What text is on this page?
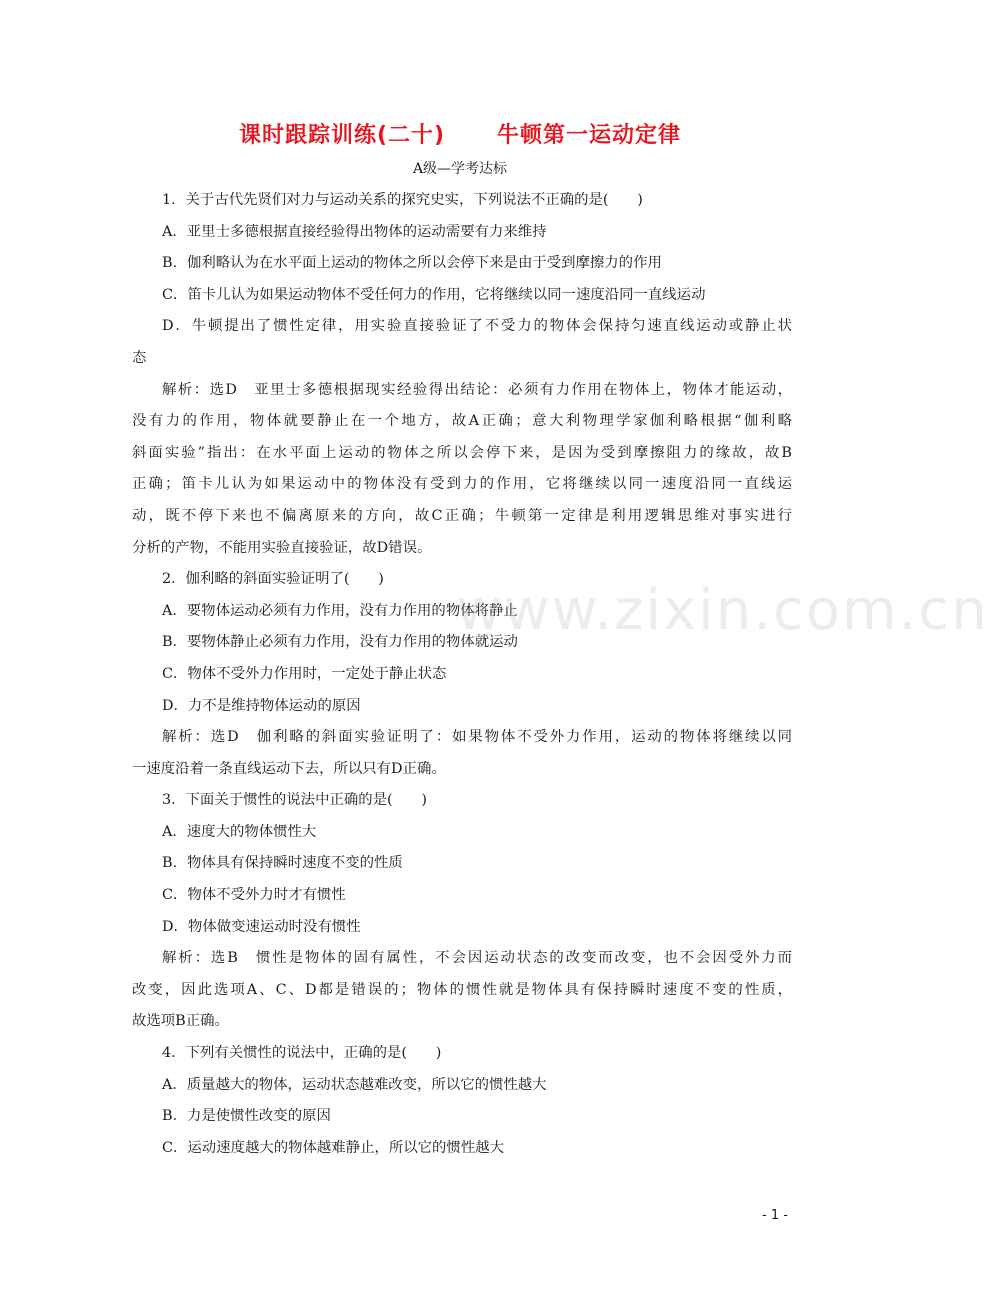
课时跟踪训练(二十)      牛顿第一运动定律
A级—学考达标
1．关于古代先贤们对力与运动关系的探究史实，下列说法不正确的是(　　)
A．亚里士多德根据直接经验得出物体的运动需要有力来维持
B．伽利略认为在水平面上运动的物体之所以会停下来是由于受到摩擦力的作用
C．笛卡儿认为如果运动物体不受任何力的作用，它将继续以同一速度沿同一直线运动
D．牛顿提出了惯性定律，用实验直接验证了不受力的物体会保持匀速直线运动或静止状
态
解析：选D　亚里士多德根据现实经验得出结论：必须有力作用在物体上，物体才能运动，
没有力的作用，物体就要静止在一个地方，故A正确；意大利物理学家伽利略根据“伽利略
斜面实验”指出：在水平面上运动的物体之所以会停下来，是因为受到摩擦阻力的缘故，故B
正确；笛卡儿认为如果运动中的物体没有受到力的作用，它将继续以同一速度沿同一直线运
动，既不停下来也不偏离原来的方向，故C正确；牛顿第一定律是利用逻辑思维对事实进行
分析的产物，不能用实验直接验证，故D错误。
2．伽利略的斜面实验证明了(　　)
A．要物体运动必须有力作用，没有力作用的物体将静止
B．要物体静止必须有力作用，没有力作用的物体就运动
C．物体不受外力作用时，一定处于静止状态
D．力不是维持物体运动的原因
解析：选D　伽利略的斜面实验证明了：如果物体不受外力作用，运动的物体将继续以同
一速度沿着一条直线运动下去，所以只有D正确。
3．下面关于惯性的说法中正确的是(　　)
A．速度大的物体惯性大
B．物体具有保持瞬时速度不变的性质
C．物体不受外力时才有惯性
D．物体做变速运动时没有惯性
解析：选B　惯性是物体的固有属性，不会因运动状态的改变而改变，也不会因受外力而
改变，因此选项A、C、D都是错误的；物体的惯性就是物体具有保持瞬时速度不变的性质，
故选项B正确。
4．下列有关惯性的说法中，正确的是(　　)
A．质量越大的物体，运动状态越难改变，所以它的惯性越大
B．力是使惯性改变的原因
C．运动速度越大的物体越难静止，所以它的惯性越大
www.zixin.com.cn
- 1 -
